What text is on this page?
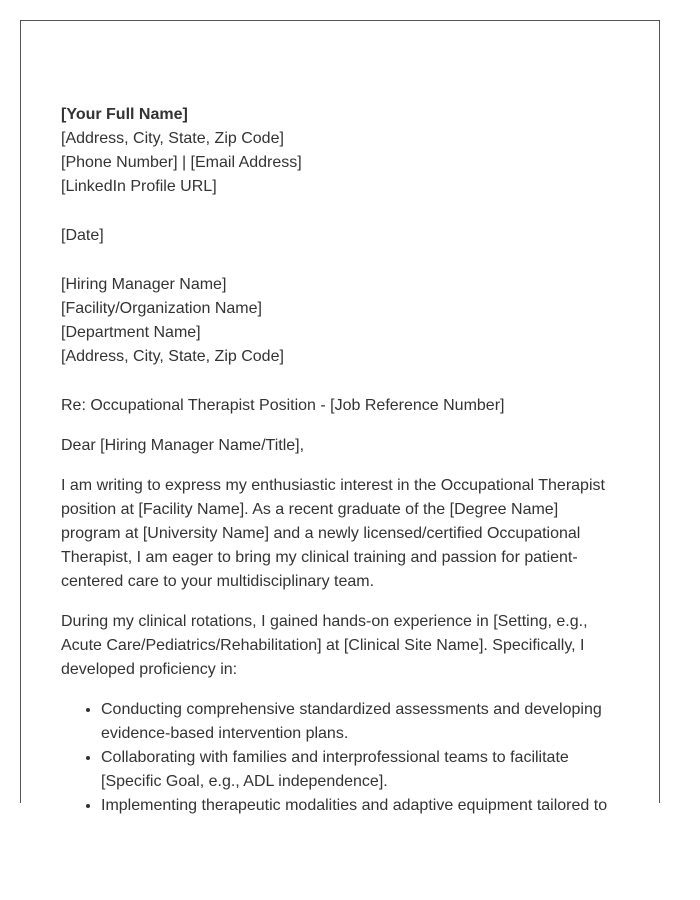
[Your Full Name]
[Address, City, State, Zip Code]
[Phone Number] | [Email Address]
[LinkedIn Profile URL]
[Date]
[Hiring Manager Name]
[Facility/Organization Name]
[Department Name]
[Address, City, State, Zip Code]

Re: Occupational Therapist Position - [Job Reference Number]

Dear [Hiring Manager Name/Title],

I am writing to express my enthusiastic interest in the Occupational Therapist position at [Facility Name]. As a recent graduate of the [Degree Name] program at [University Name] and a newly licensed/certified Occupational Therapist, I am eager to bring my clinical training and passion for patient-centered care to your multidisciplinary team.

During my clinical rotations, I gained hands-on experience in [Setting, e.g., Acute Care/Pediatrics/Rehabilitation] at [Clinical Site Name]. Specifically, I developed proficiency in:

• Conducting comprehensive standardized assessments and developing evidence-based intervention plans.
• Collaborating with families and interprofessional teams to facilitate [Specific Goal, e.g., ADL independence].
• Implementing therapeutic modalities and adaptive equipment tailored to
